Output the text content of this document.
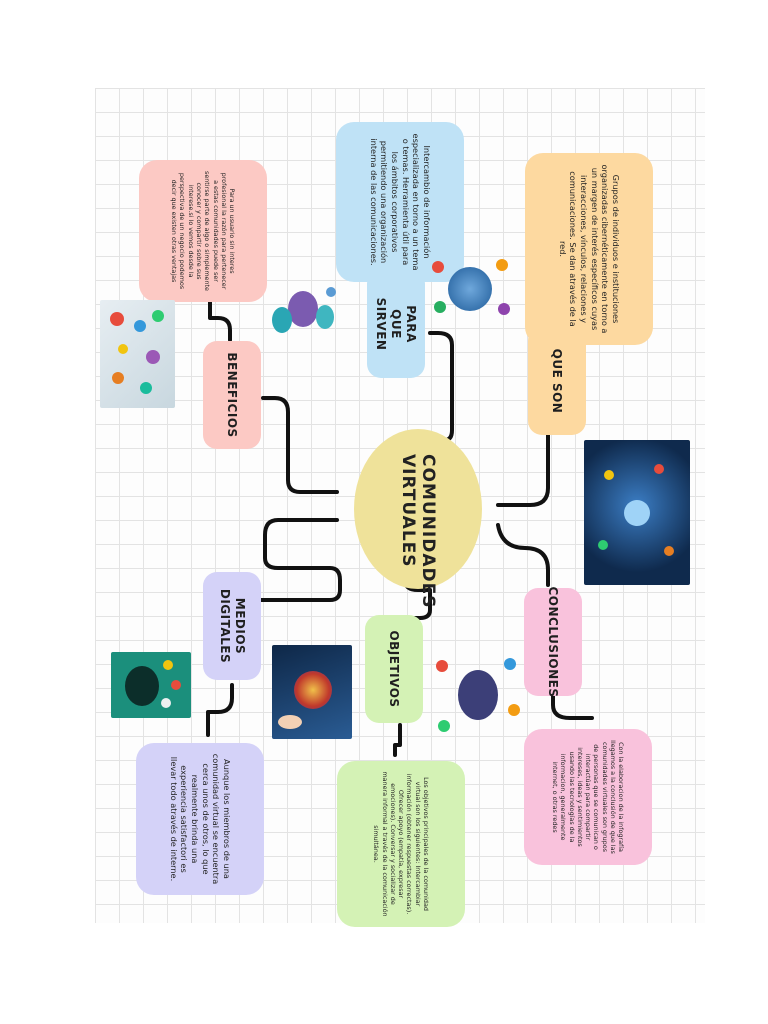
COMUNIDADES VIRTUALES
Grupos de individuos e instituciones organizadas cibernéticamente en torno a un margen de interés específicos cuyas interacciones, vínculos, relaciones y comunicaciones. Se dan através de la red.
QUE SON
Intercambio de información especializada en torno a un tema o temas. Herramienta útil para los ámbitos corporativos permitiendo una organización interna de las comunicaciones.
PARA QUE SIRVEN
Para un usuario sin interes profesional la razón para pertenecer a estas comunidades puede ser sentirse parte de algo o simplemente conocer y compartir sobre sus interese.si lo vemos desde la perspectiva de un negocio podemos decir que existen otras ventajas
BENEFICIOS
Con la elaboracion de la infografía llegamos a la conclusión de que las comunidades virtuales son grupos de personas que se comunican o interactúan para compartir intereses, ideas y sentimientos usando las tecnologías de la informacion, generalmente internet, o otras redes
CONCLUSIONES
Los objetivos principales de la comunidad virtual son los siguientes: Intercambiar información (obtener respuestas correctas). Ofrecer apoyo (empatía, expresar emociones). Conversar y socializar de manera informal a través de la comunicación simultánea.
OBJETIVOS
Aunque los miembros de una comunidad virtual se encuentra cerca unos de otros, lo que realmente brinda una experiencia satisfactori es llevar todo através de interne.
MEDIOS DIGITALES
